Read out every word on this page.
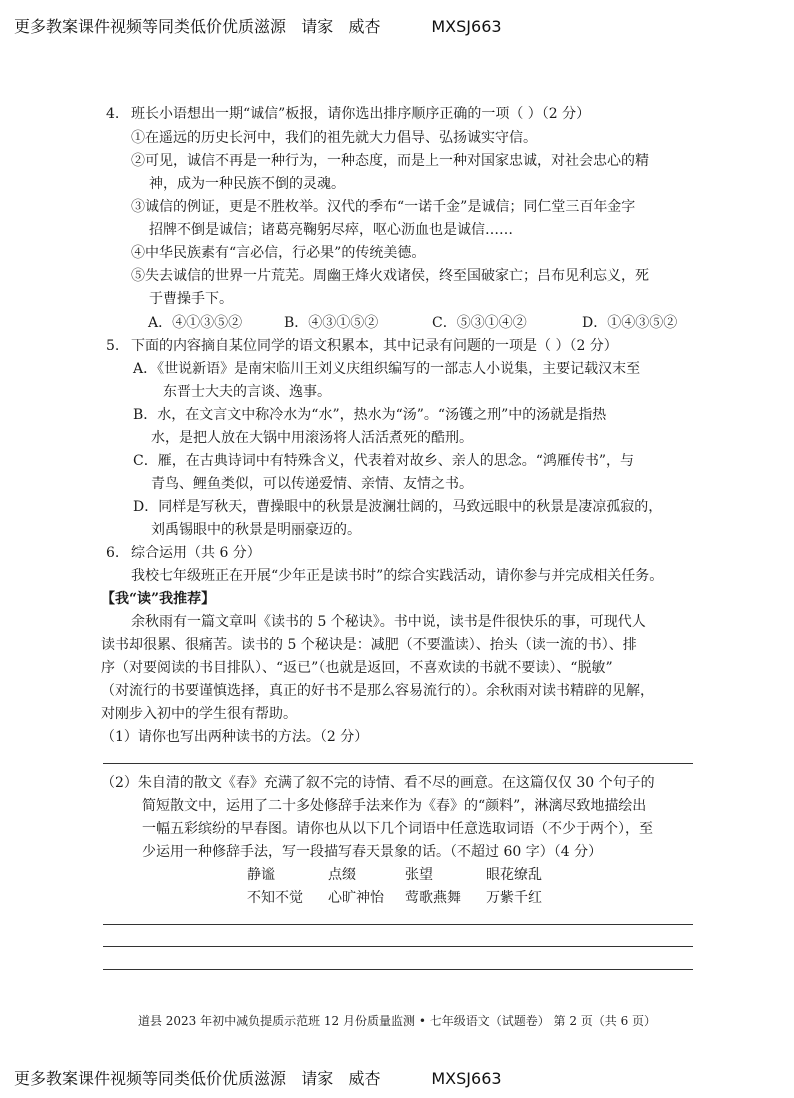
更多教案课件视频等同类低价优质滋源   请家   威杏          MXSJ663
4. 班长小语想出一期“诚信”板报，请你选出排序顺序正确的一项（ ）（2 分）
①在遥远的历史长河中，我们的祖先就大力倡导、弘扬诚实守信。
②可见，诚信不再是一种行为，一种态度，而是上一种对国家忠诚，对社会忠心的精
神，成为一种民族不倒的灵魂。
③诚信的例证，更是不胜枚举。汉代的季布“一诺千金”是诚信；同仁堂三百年金字
招牌不倒是诚信；诸葛亮鞠躬尽瘁，呕心沥血也是诚信……
④中华民族素有“言必信，行必果”的传统美德。
⑤失去诚信的世界一片荒芜。周幽王烽火戏诸侯，终至国破家亡；吕布见利忘义，死
于曹操手下。
A．④①③⑤②	B．④③①⑤②	C．⑤③①④②	D．①④③⑤②
5. 下面的内容摘自某位同学的语文积累本，其中记录有问题的一项是（ ）（2 分）
A．《世说新语》是南宋临川王刘义庆组织编写的一部志人小说集，主要记载汉末至
东晋士大夫的言谈、逸事。
B．水，在文言文中称冷水为“水”，热水为“汤”。“汤镬之刑”中的汤就是指热
水，是把人放在大锅中用滚汤将人活活煮死的酷刑。
C．雁，在古典诗词中有特殊含义，代表着对故乡、亲人的思念。“鸿雁传书”，与
青鸟、鲤鱼类似，可以传递爱情、亲情、友情之书。
D．同样是写秋天，曹操眼中的秋景是波澜壮阔的，马致远眼中的秋景是凄凉孤寂的，
刘禹锡眼中的秋景是明丽豪迈的。
6. 综合运用（共 6 分）
我校七年级班正在开展“少年正是读书时”的综合实践活动，请你参与并完成相关任务。
【我“读”我推荐】
余秋雨有一篇文章叫《读书的 5 个秘诀》。书中说，读书是件很快乐的事，可现代人
读书却很累、很痛苦。读书的 5 个秘诀是：减肥（不要滥读）、抬头（读一流的书）、排
序（对要阅读的书目排队）、“返已”（也就是返回，不喜欢读的书就不要读）、“脱敏”
（对流行的书要谨慎选择，真正的好书不是那么容易流行的）。余秋雨对读书精辟的见解，
对刚步入初中的学生很有帮助。
（1）请你也写出两种读书的方法。（2 分）
（2）朱自清的散文《春》充满了叙不完的诗情、看不尽的画意。在这篇仅仅 30 个句子的
简短散文中，运用了二十多处修辞手法来作为《春》的“颜料”，淋漓尽致地描绘出
一幅五彩缤纷的早春图。请你也从以下几个词语中任意选取词语（不少于两个），至
少运用一种修辞手法，写一段描写春天景象的话。（不超过 60 字）（4 分）
静谧	点缀	张望	眼花缭乱
不知不觉 心旷神怡 莺歌燕舞 万紫千红
道县 2023 年初中减负提质示范班 12 月份质量监测 • 七年级语文（试题卷） 第 2 页（共 6 页）
更多教案课件视频等同类低价优质滋源   请家   威杏          MXSJ663
